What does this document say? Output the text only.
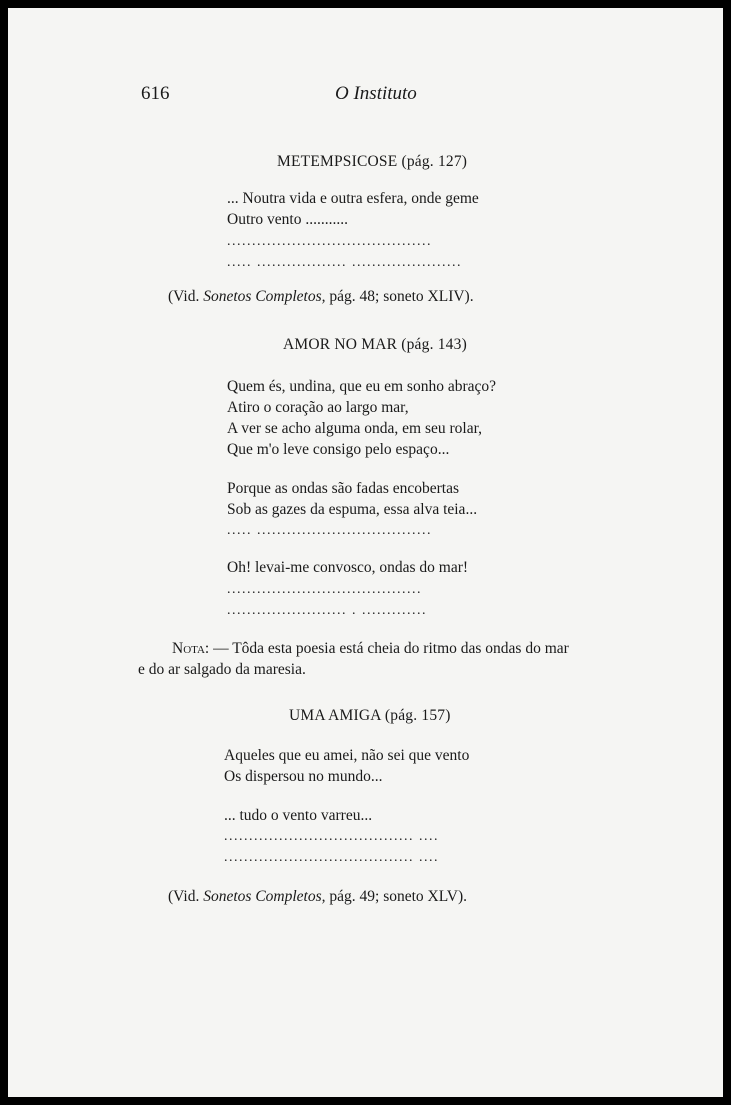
616	O Instituto
METEMPSICOSE (pág. 127)
... Noutra vida e outra esfera, onde geme
Outro vento ...........
.........................................
..... .................. ......................
(Vid. Sonetos Completos, pág. 48; soneto XLIV).
AMOR NO MAR (pág. 143)
Quem és, undina, que eu em sonho abraço?
Atiro o coração ao largo mar,
A ver se acho alguma onda, em seu rolar,
Que m'o leve consigo pelo espaço...
Porque as ondas são fadas encobertas
Sob as gazes da espuma, essa alva teia...
..... ...................................
Oh! levai-me convosco, ondas do mar!
.......................................
........................ . .............
Nota: — Tôda esta poesia está cheia do ritmo das ondas do mar
e do ar salgado da maresia.
UMA AMIGA (pág. 157)
Aqueles que eu amei, não sei que vento
Os dispersou no mundo...
... tudo o vento varreu...
...................................... ....
...................................... ....
(Vid. Sonetos Completos, pág. 49; soneto XLV).
